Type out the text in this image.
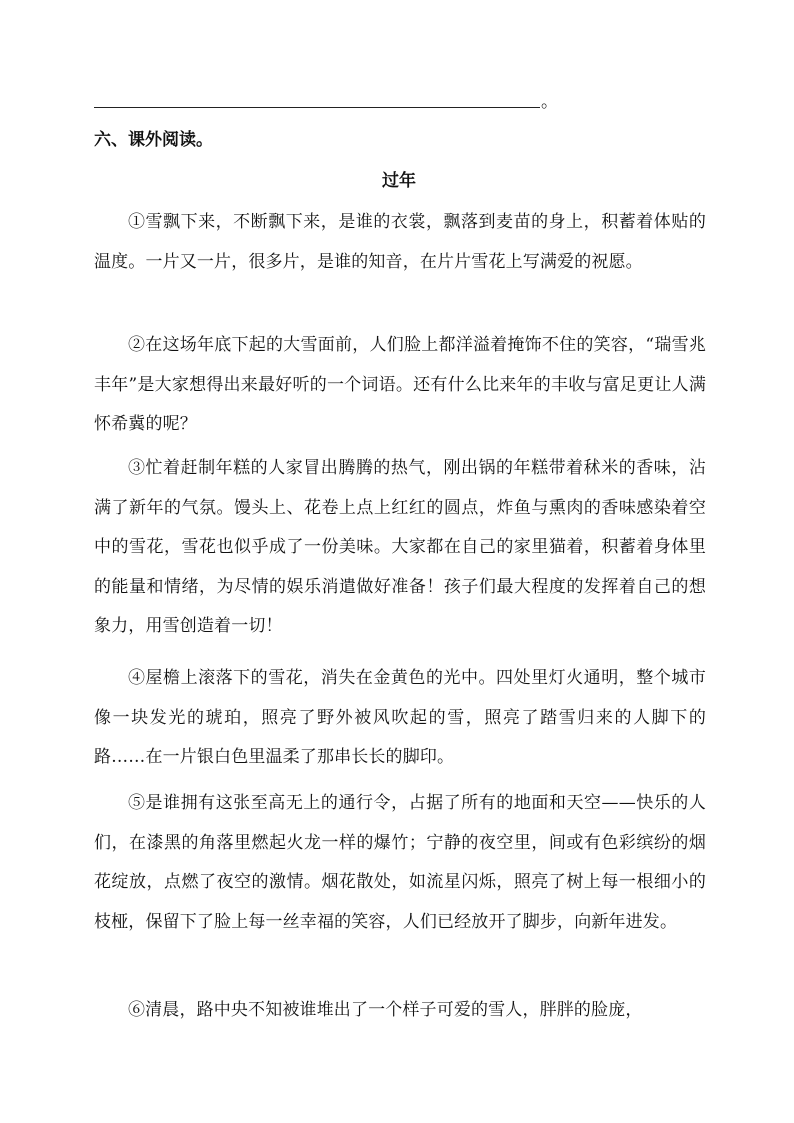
。
六、课外阅读。
过年

①雪飘下来，不断飘下来，是谁的衣裳，飘落到麦苗的身上，积蓄着体贴的温度。一片又一片，很多片，是谁的知音，在片片雪花上写满爱的祝愿。

②在这场年底下起的大雪面前，人们脸上都洋溢着掩饰不住的笑容，“瑞雪兆丰年”是大家想得出来最好听的一个词语。还有什么比来年的丰收与富足更让人满怀希冀的呢？

③忙着赶制年糕的人家冒出腾腾的热气，刚出锅的年糕带着秫米的香味，沾满了新年的气氛。馒头上、花卷上点上红红的圆点，炸鱼与熏肉的香味感染着空中的雪花，雪花也似乎成了一份美味。大家都在自己的家里猫着，积蓄着身体里的能量和情绪，为尽情的娱乐消遣做好准备！孩子们最大程度的发挥着自己的想象力，用雪创造着一切！

④屋檐上滚落下的雪花，消失在金黄色的光中。四处里灯火通明，整个城市像一块发光的琥珀，照亮了野外被风吹起的雪，照亮了踏雪归来的人脚下的路……在一片银白色里温柔了那串长长的脚印。

⑤是谁拥有这张至高无上的通行令，占据了所有的地面和天空——快乐的人们，在漆黑的角落里燃起火龙一样的爆竹；宁静的夜空里，间或有色彩缤纷的烟花绽放，点燃了夜空的激情。烟花散处，如流星闪烁，照亮了树上每一根细小的枝桠，保留下了脸上每一丝幸福的笑容，人们已经放开了脚步，向新年进发。

⑥清晨，路中央不知被谁堆出了一个样子可爱的雪人，胖胖的脸庞，
